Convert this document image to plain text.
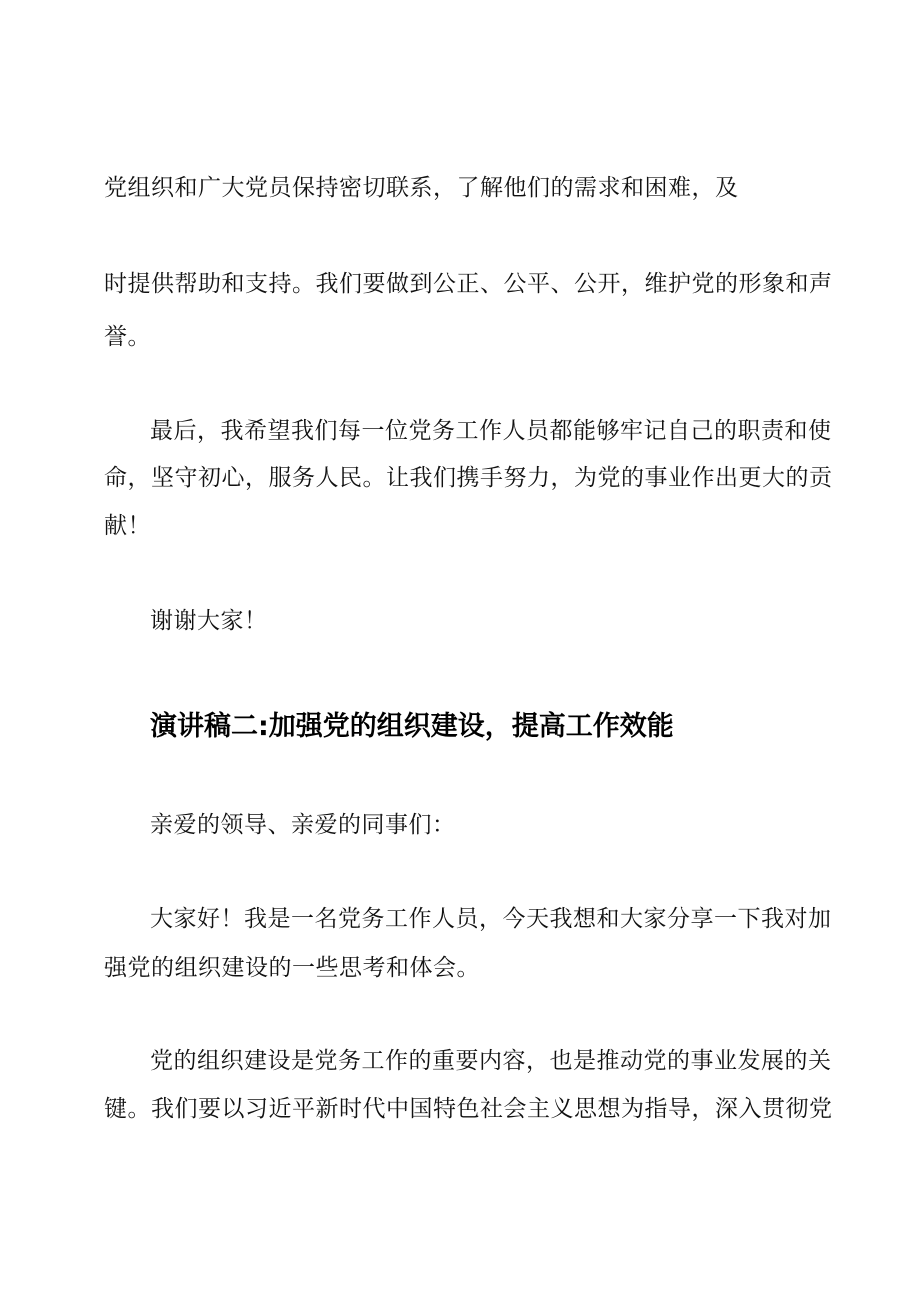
党组织和广大党员保持密切联系，了解他们的需求和困难，及
时提供帮助和支持。我们要做到公正、公平、公开，维护党的形象和声
誉。
最后，我希望我们每一位党务工作人员都能够牢记自己的职责和使
命，坚守初心，服务人民。让我们携手努力，为党的事业作出更大的贡
献！
谢谢大家！
演讲稿二:加强党的组织建设，提高工作效能
亲爱的领导、亲爱的同事们：
大家好！我是一名党务工作人员，今天我想和大家分享一下我对加
强党的组织建设的一些思考和体会。
党的组织建设是党务工作的重要内容，也是推动党的事业发展的关
键。我们要以习近平新时代中国特色社会主义思想为指导，深入贯彻党
